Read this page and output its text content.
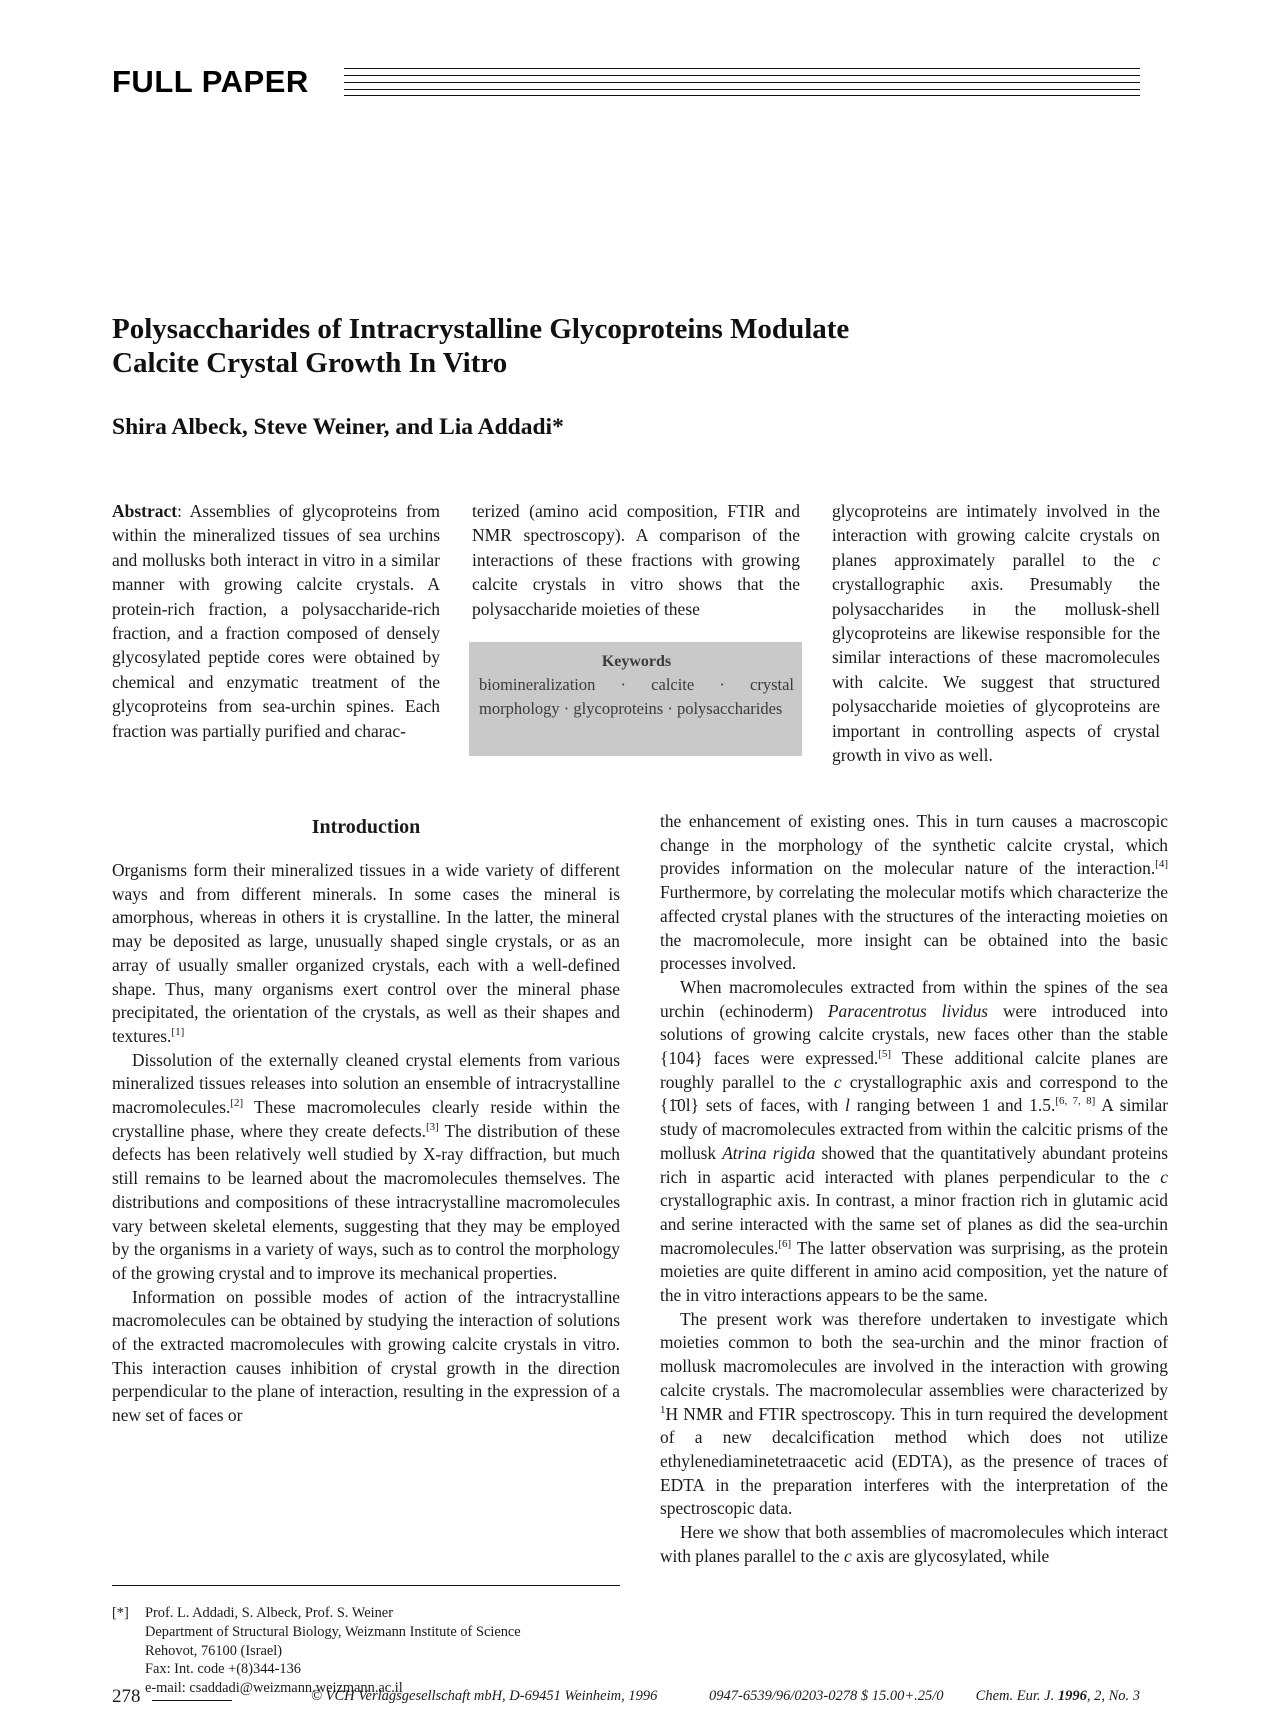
FULL PAPER
Polysaccharides of Intracrystalline Glycoproteins Modulate
Calcite Crystal Growth In Vitro

Shira Albeck, Steve Weiner, and Lia Addadi*

Abstract: Assemblies of glycoproteins from within the mineralized tissues of sea urchins and mollusks both interact in vitro in a similar manner with growing calcite crystals. A protein-rich fraction, a polysaccharide-rich fraction, and a fraction composed of densely glycosylated peptide cores were obtained by chemical and enzymatic treatment of the glycoproteins from sea-urchin spines. Each fraction was partially purified and charac-

terized (amino acid composition, FTIR and NMR spectroscopy). A comparison of the interactions of these fractions with growing calcite crystals in vitro shows that the polysaccharide moieties of these

glycoproteins are intimately involved in the interaction with growing calcite crystals on planes approximately parallel to the c crystallographic axis. Presumably the polysaccharides in the mollusk-shell glycoproteins are likewise responsible for the similar interactions of these macromolecules with calcite. We suggest that structured polysaccharide moieties of glycoproteins are important in controlling aspects of crystal growth in vivo as well.

Keywords
biomineralization · calcite · crystal morphology · glycoproteins · polysaccharides
Introduction

Organisms form their mineralized tissues in a wide variety of different ways and from different minerals. In some cases the mineral is amorphous, whereas in others it is crystalline. In the latter, the mineral may be deposited as large, unusually shaped single crystals, or as an array of usually smaller organized crystals, each with a well-defined shape. Thus, many organisms exert control over the mineral phase precipitated, the orientation of the crystals, as well as their shapes and textures.[1]

Dissolution of the externally cleaned crystal elements from various mineralized tissues releases into solution an ensemble of intracrystalline macromolecules.[2] These macromolecules clearly reside within the crystalline phase, where they create defects.[3] The distribution of these defects has been relatively well studied by X-ray diffraction, but much still remains to be learned about the macromolecules themselves. The distributions and compositions of these intracrystalline macromolecules vary between skeletal elements, suggesting that they may be employed by the organisms in a variety of ways, such as to control the morphology of the growing crystal and to improve its mechanical properties.

Information on possible modes of action of the intracrystalline macromolecules can be obtained by studying the interaction of solutions of the extracted macromolecules with growing calcite crystals in vitro. This interaction causes inhibition of crystal growth in the direction perpendicular to the plane of interaction, resulting in the expression of a new set of faces or

the enhancement of existing ones. This in turn causes a macroscopic change in the morphology of the synthetic calcite crystal, which provides information on the molecular nature of the interaction.[4] Furthermore, by correlating the molecular motifs which characterize the affected crystal planes with the structures of the interacting moieties on the macromolecule, more insight can be obtained into the basic processes involved.

When macromolecules extracted from within the spines of the sea urchin (echinoderm) Paracentrotus lividus were introduced into solutions of growing calcite crystals, new faces other than the stable {104} faces were expressed.[5] These additional calcite planes are roughly parallel to the c crystallographic axis and correspond to the {1̄0l} sets of faces, with l ranging between 1 and 1.5.[6, 7, 8] A similar study of macromolecules extracted from within the calcitic prisms of the mollusk Atrina rigida showed that the quantitatively abundant proteins rich in aspartic acid interacted with planes perpendicular to the c crystallographic axis. In contrast, a minor fraction rich in glutamic acid and serine interacted with the same set of planes as did the sea-urchin macromolecules.[6] The latter observation was surprising, as the protein moieties are quite different in amino acid composition, yet the nature of the in vitro interactions appears to be the same.

The present work was therefore undertaken to investigate which moieties common to both the sea-urchin and the minor fraction of mollusk macromolecules are involved in the interaction with growing calcite crystals. The macromolecular assemblies were characterized by $^1$H NMR and FTIR spectroscopy. This in turn required the development of a new decalcification method which does not utilize ethylenediaminetetraacetic acid (EDTA), as the presence of traces of EDTA in the preparation interferes with the interpretation of the spectroscopic data.

Here we show that both assemblies of macromolecules which interact with planes parallel to the c axis are glycosylated, while

[*] Prof. L. Addadi, S. Albeck, Prof. S. Weiner
Department of Structural Biology, Weizmann Institute of Science
Rehovot, 76100 (Israel)
Fax: Int. code +(8)344-136
e-mail: csaddadi@weizmann.weizmann.ac.il
278	© VCH Verlagsgesellschaft mbH, D-69451 Weinheim, 1996	0947-6539/96/0203-0278 $ 15.00+.25/0 Chem. Eur. J. 1996, 2, No. 3
